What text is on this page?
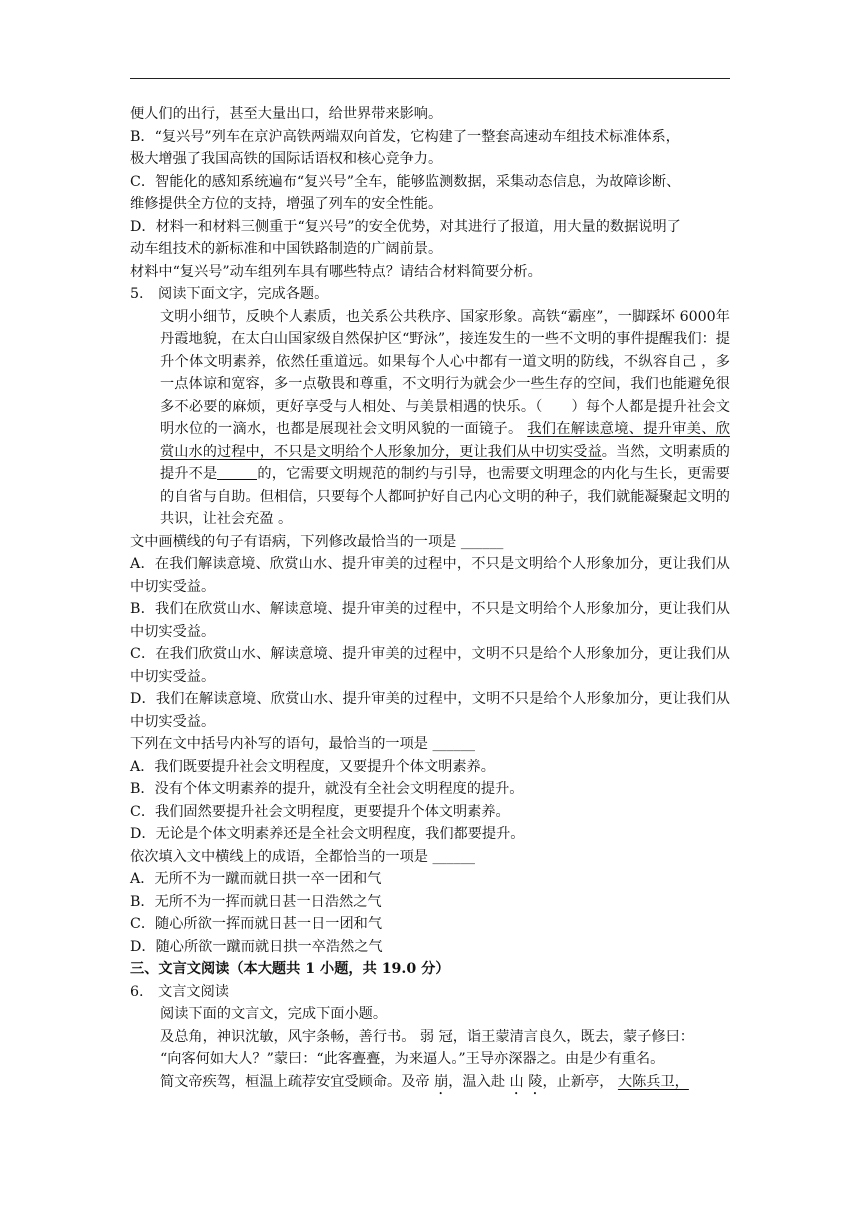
便人们的出行，甚至大量出口，给世界带来影响。
B．“复兴号”列车在京沪高铁两端双向首发，它构建了一整套高速动车组技术标准体系，
极大增强了我国高铁的国际话语权和核心竞争力。
C．智能化的感知系统遍布“复兴号”全车，能够监测数据，采集动态信息，为故障诊断、
维修提供全方位的支持，增强了列车的安全性能。
D．材料一和材料三侧重于“复兴号”的安全优势，对其进行了报道，用大量的数据说明了
动车组技术的新标准和中国铁路制造的广阔前景。
材料中“复兴号”动车组列车具有哪些特点？请结合材料简要分析。
5. 阅读下面文字，完成各题。
文明小细节，反映个人素质，也关系公共秩序、国家形象。高铁“霸座”，一脚踩坏 6000年丹霞地貌，在太白山国家级自然保护区“野泳”，接连发生的一些不文明的事件提醒我们：提升个体文明素养，依然任重道远。如果每个人心中都有一道文明的防线，不纵容自己 ，多一点体谅和宽容，多一点敬畏和尊重，不文明行为就会少一些生存的空间，我们也能避免很多不必要的麻烦，更好享受与人相处、与美景相遇的快乐。（　　）每个人都是提升社会文明水位的一滴水，也都是展现社会文明风貌的一面镜子。 我们在解读意境、提升审美、欣赏山水的过程中，不只是文明给个人形象加分，更让我们从中切实受益。当然，文明素质的提升不是	的，它需要文明规范的制约与引导，也需要文明理念的内化与生长，更需要 的自省与自助。但相信，只要每个人都呵护好自己内心文明的种子，我们就能凝聚起文明的共识，让社会充盈 。
文中画横线的句子有语病，下列修改最恰当的一项是 ______
A．在我们解读意境、欣赏山水、提升审美的过程中，不只是文明给个人形象加分，更让我们从中切实受益。
B．我们在欣赏山水、解读意境、提升审美的过程中，不只是文明给个人形象加分，更让我们从中切实受益。
C．在我们欣赏山水、解读意境、提升审美的过程中，文明不只是给个人形象加分，更让我们从中切实受益。
D．我们在解读意境、欣赏山水、提升审美的过程中，文明不只是给个人形象加分，更让我们从中切实受益。
下列在文中括号内补写的语句，最恰当的一项是 ______
A．我们既要提升社会文明程度，又要提升个体文明素养。
B．没有个体文明素养的提升，就没有全社会文明程度的提升。
C．我们固然要提升社会文明程度，更要提升个体文明素养。
D．无论是个体文明素养还是全社会文明程度，我们都要提升。
依次填入文中横线上的成语，全都恰当的一项是 ______
A．无所不为一蹴而就日拱一卒一团和气
B．无所不为一挥而就日甚一日浩然之气
C．随心所欲一挥而就日甚一日一团和气
D．随心所欲一蹴而就日拱一卒浩然之气
三、文言文阅读（本大题共 1 小题，共 19.0 分）
6. 文言文阅读
阅读下面的文言文，完成下面小题。
及总角，神识沈敏，风宇条畅，善行书。 弱 冠，诣王蒙清言良久，既去，蒙子修曰：
“向客何如大人？”蒙曰：“此客亹亹，为来逼人。”王导亦深器之。由是少有重名。
简文帝疾驾，桓温上疏荐安宜受顾命。及帝 崩，温入赴 山 陵，止新亭， 大陈兵卫，
